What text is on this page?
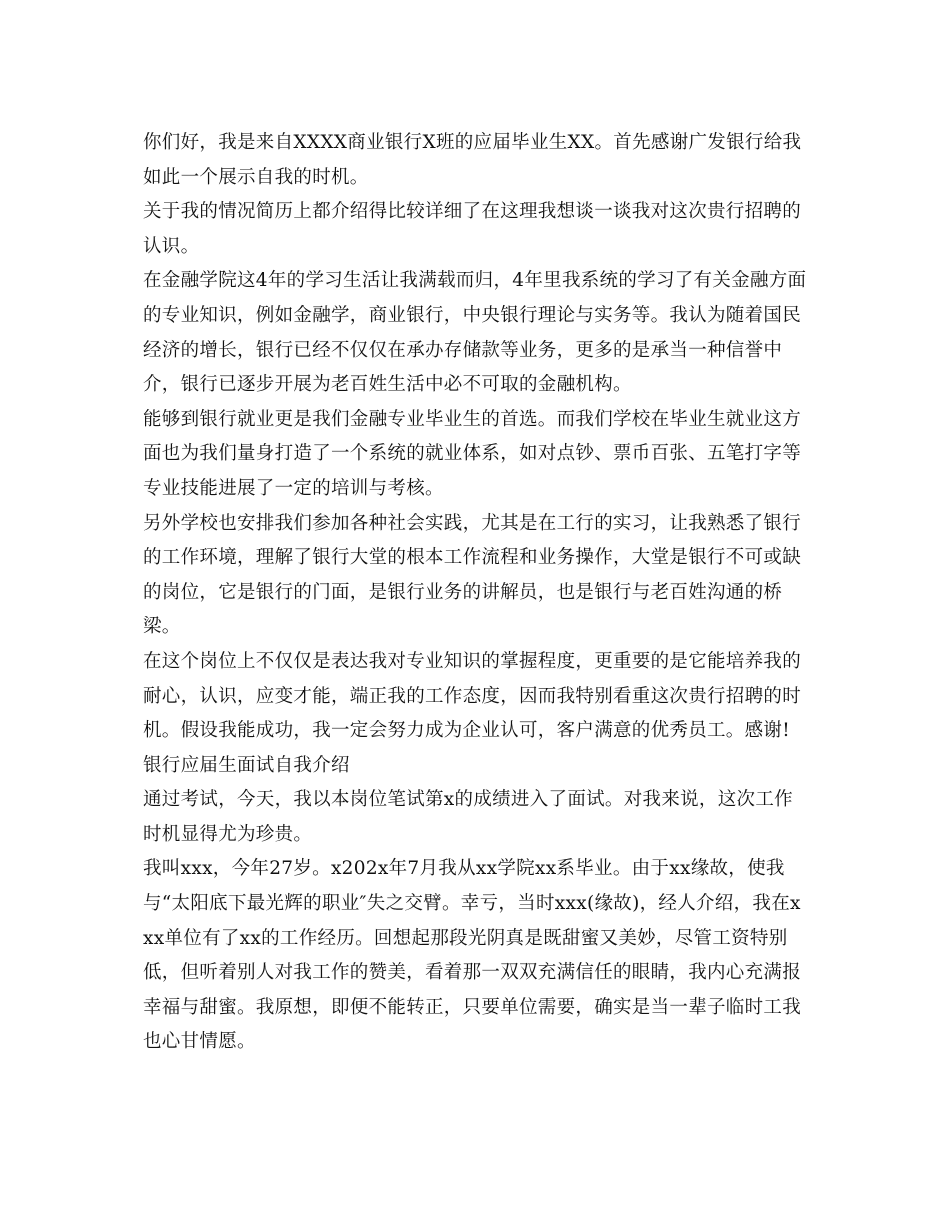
你们好，我是来自XXXX商业银行X班的应届毕业生XX。首先感谢广发银行给我如此一个展示自我的时机。

关于我的情况简历上都介绍得比较详细了在这理我想谈一谈我对这次贵行招聘的认识。

在金融学院这4年的学习生活让我满载而归，4年里我系统的学习了有关金融方面的专业知识，例如金融学，商业银行，中央银行理论与实务等。我认为随着国民经济的增长，银行已经不仅仅在承办存储款等业务，更多的是承当一种信誉中介，银行已逐步开展为老百姓生活中必不可取的金融机构。

能够到银行就业更是我们金融专业毕业生的首选。而我们学校在毕业生就业这方面也为我们量身打造了一个系统的就业体系，如对点钞、票币百张、五笔打字等专业技能进展了一定的培训与考核。

另外学校也安排我们参加各种社会实践，尤其是在工行的实习，让我熟悉了银行的工作环境，理解了银行大堂的根本工作流程和业务操作，大堂是银行不可或缺的岗位，它是银行的门面，是银行业务的讲解员，也是银行与老百姓沟通的桥梁。

在这个岗位上不仅仅是表达我对专业知识的掌握程度，更重要的是它能培养我的耐心，认识，应变才能，端正我的工作态度，因而我特别看重这次贵行招聘的时机。假设我能成功，我一定会努力成为企业认可，客户满意的优秀员工。感谢!

银行应届生面试自我介绍

通过考试，今天，我以本岗位笔试第x的成绩进入了面试。对我来说，这次工作时机显得尤为珍贵。

我叫xxx，今年27岁。x202x年7月我从xx学院xx系毕业。由于xx缘故，使我与“太阳底下最光辉的职业″失之交臂。幸亏，当时xxx(缘故)，经人介绍，我在xxx单位有了xx的工作经历。回想起那段光阴真是既甜蜜又美妙，尽管工资特别低，但听着别人对我工作的赞美，看着那一双双充满信任的眼睛，我内心充满报幸福与甜蜜。我原想，即便不能转正，只要单位需要，确实是当一辈子临时工我也心甘情愿。
